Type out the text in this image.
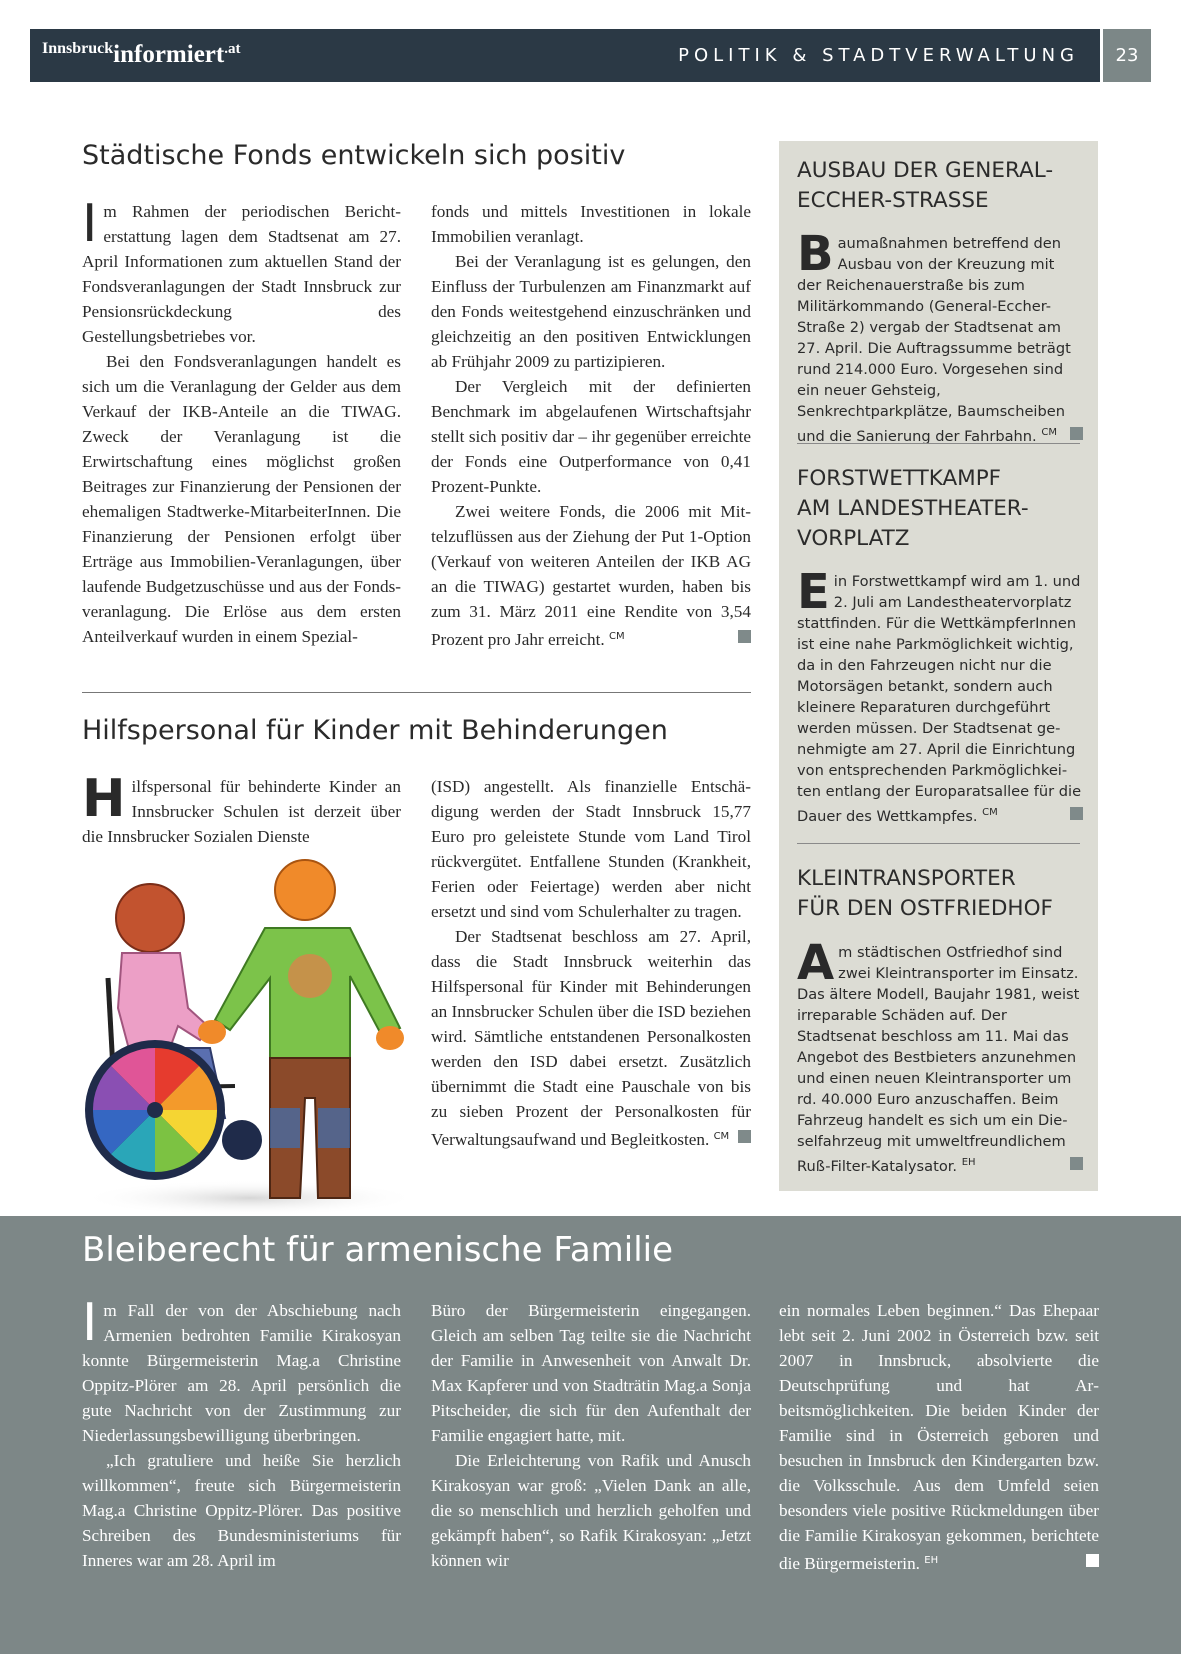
Innsbruckinformiert.at	POLITIK & STADTVERWALTUNG	23
Städtische Fonds entwickeln sich positiv

Im Rahmen der periodischen Berichterstattung lagen dem Stadtsenat am 27. April Informationen zum aktuellen Stand der Fondsveranlagungen der Stadt Innsbruck zur Pensionsrückdeckung des Gestellungsbetriebes vor.

Bei den Fondsveranlagungen handelt es sich um die Veranlagung der Gelder aus dem Verkauf der IKB-Anteile an die TIWAG. Zweck der Veranlagung ist die Erwirtschaftung eines möglichst großen Beitrages zur Finanzierung der Pensionen der ehemaligen Stadtwerke-MitarbeiterInnen. Die Finanzierung der Pensionen erfolgt über Erträge aus Immobilien-Veranlagungen, über laufende Budgetzuschüsse und aus der Fondsveranlagung. Die Erlöse aus dem ersten Anteilverkauf wurden in einem Spezial-

fonds und mittels Investitionen in lokale Immobilien veranlagt.

Bei der Veranlagung ist es gelungen, den Einfluss der Turbulenzen am Finanzmarkt auf den Fonds weitestgehend einzuschränken und gleichzeitig an den positiven Entwicklungen ab Frühjahr 2009 zu partizipieren.

Der Vergleich mit der definierten Benchmark im abgelaufenen Wirtschaftsjahr stellt sich positiv dar – ihr gegenüber erreichte der Fonds eine Outperformance von 0,41 Prozent-Punkte.

Zwei weitere Fonds, die 2006 mit Mittelzuflüssen aus der Ziehung der Put 1-Option (Verkauf von weiteren Anteilen der IKB AG an die TIWAG) gestartet wurden, haben bis zum 31. März 2011 eine Rendite von 3,54 Prozent pro Jahr erreicht. $^{CM}$

Hilfspersonal für Kinder mit Behinderungen

Hilfspersonal für behinderte Kinder an Innsbrucker Schulen ist derzeit über die Innsbrucker Sozialen Dienste

(ISD) angestellt. Als finanzielle Entschädigung werden der Stadt Innsbruck 15,77 Euro pro geleistete Stunde vom Land Tirol rückvergütet. Entfallene Stunden (Krankheit, Ferien oder Feiertage) werden aber nicht ersetzt und sind vom Schulerhalter zu tragen.

Der Stadtsenat beschloss am 27. April, dass die Stadt Innsbruck weiterhin das Hilfspersonal für Kinder mit Behinderungen an Innsbrucker Schulen über die ISD beziehen wird. Sämtliche entstandenen Personalkosten werden den ISD dabei ersetzt. Zusätzlich übernimmt die Stadt eine Pauschale von bis zu sieben Prozent der Personalkosten für Verwaltungsaufwand und Begleitkosten. $^{CM}$

AUSBAU DER GENERAL-
ECCHER-STRASSE
Baumaßnahmen betreffend den Ausbau von der Kreuzung mit der Reichenauerstraße bis zum Militärkommando (General-Eccher-Straße 2) vergab der Stadtsenat am 27. April. Die Auftragssumme beträgt rund 214.000 Euro. Vorgesehen sind ein neuer Gehsteig, Senkrechtparkplätze, Baumscheiben und die Sanierung der Fahrbahn. $^{CM}$
FORSTWETTKAMPF
AM LANDESTHEATER-
VORPLATZ
Ein Forstwettkampf wird am 1. und 2. Juli am Landestheatervorplatz stattfinden. Für die WettkämpferInnen ist eine nahe Parkmöglichkeit wichtig, da in den Fahrzeugen nicht nur die Motorsägen betankt, sondern auch kleinere Reparaturen durchgeführt werden müssen. Der Stadtsenat genehmigte am 27. April die Einrichtung von entsprechenden Parkmöglichkeiten entlang der Europaratsallee für die Dauer des Wettkampfes. $^{CM}$
KLEINTRANSPORTER
FÜR DEN OSTFRIEDHOF
Am städtischen Ostfriedhof sind zwei Kleintransporter im Einsatz. Das ältere Modell, Baujahr 1981, weist irreparable Schäden auf. Der Stadtsenat beschloss am 11. Mai das Angebot des Bestbieters anzunehmen und einen neuen Kleintransporter um rd. 40.000 Euro anzuschaffen. Beim Fahrzeug handelt es sich um ein Dieselfahrzeug mit umweltfreundlichem Ruß-Filter-Katalysator. $^{EH}$
Bleiberecht für armenische Familie

Im Fall der von der Abschiebung nach Armenien bedrohten Familie Kirakosyan konnte Bürgermeisterin Mag.a Christine Oppitz-Plörer am 28. April persönlich die gute Nachricht von der Zustimmung zur Niederlassungsbewilligung überbringen.

„Ich gratuliere und heiße Sie herzlich willkommen“, freute sich Bürgermeisterin Mag.a Christine Oppitz-Plörer. Das positive Schreiben des Bundesministeriums für Inneres war am 28. April im

Büro der Bürgermeisterin eingegangen. Gleich am selben Tag teilte sie die Nachricht der Familie in Anwesenheit von Anwalt Dr. Max Kapferer und von Stadträtin Mag.a Sonja Pitscheider, die sich für den Aufenthalt der Familie engagiert hatte, mit.

Die Erleichterung von Rafik und Anusch Kirakosyan war groß: „Vielen Dank an alle, die so menschlich und herzlich geholfen und gekämpft haben“, so Rafik Kirakosyan: „Jetzt können wir

ein normales Leben beginnen.“ Das Ehepaar lebt seit 2. Juni 2002 in Österreich bzw. seit 2007 in Innsbruck, absolvierte die Deutschprüfung und hat Arbeitsmöglichkeiten. Die beiden Kinder der Familie sind in Österreich geboren und besuchen in Innsbruck den Kindergarten bzw. die Volksschule. Aus dem Umfeld seien besonders viele positive Rückmeldungen über die Familie Kirakosyan gekommen, berichtete die Bürgermeisterin. $^{EH}$
